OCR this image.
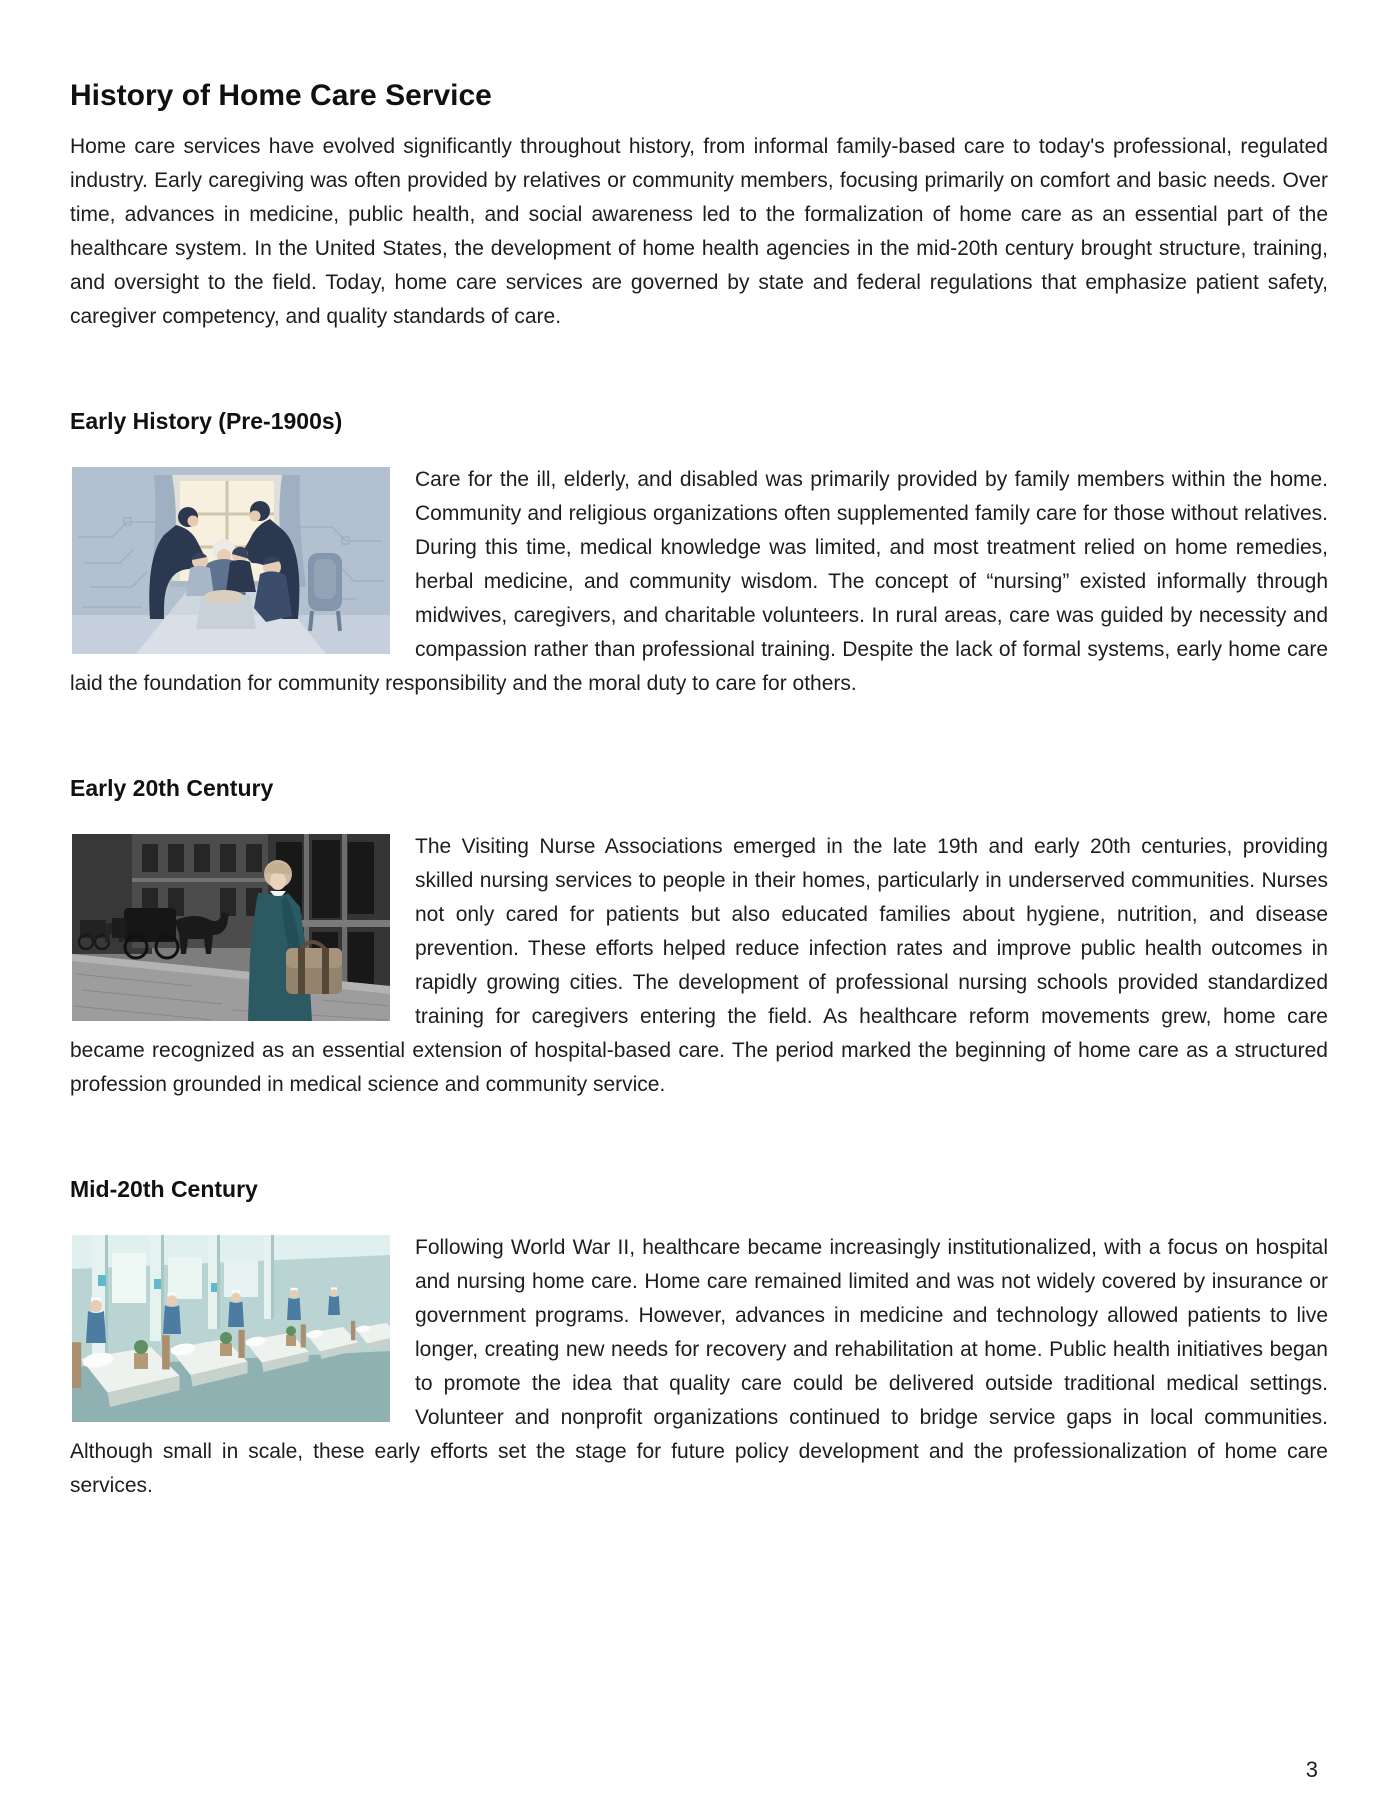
History of Home Care Service

Home care services have evolved significantly throughout history, from informal family-based care to today's professional, regulated industry. Early caregiving was often provided by relatives or community members, focusing primarily on comfort and basic needs. Over time, advances in medicine, public health, and social awareness led to the formalization of home care as an essential part of the healthcare system. In the United States, the development of home health agencies in the mid-20th century brought structure, training, and oversight to the field. Today, home care services are governed by state and federal regulations that emphasize patient safety, caregiver competency, and quality standards of care.

Early History (Pre-1900s)

Care for the ill, elderly, and disabled was primarily provided by family members within the home. Community and religious organizations often supplemented family care for those without relatives. During this time, medical knowledge was limited, and most treatment relied on home remedies, herbal medicine, and community wisdom. The concept of “nursing” existed informally through midwives, caregivers, and charitable volunteers. In rural areas, care was guided by necessity and compassion rather than professional training. Despite the lack of formal systems, early home care laid the foundation for community responsibility and the moral duty to care for others.

Early 20th Century

The Visiting Nurse Associations emerged in the late 19th and early 20th centuries, providing skilled nursing services to people in their homes, particularly in underserved communities. Nurses not only cared for patients but also educated families about hygiene, nutrition, and disease prevention. These efforts helped reduce infection rates and improve public health outcomes in rapidly growing cities. The development of professional nursing schools provided standardized training for caregivers entering the field. As healthcare reform movements grew, home care became recognized as an essential extension of hospital-based care. The period marked the beginning of home care as a structured profession grounded in medical science and community service.

Mid-20th Century

Following World War II, healthcare became increasingly institutionalized, with a focus on hospital and nursing home care. Home care remained limited and was not widely covered by insurance or government programs. However, advances in medicine and technology allowed patients to live longer, creating new needs for recovery and rehabilitation at home. Public health initiatives began to promote the idea that quality care could be delivered outside traditional medical settings. Volunteer and nonprofit organizations continued to bridge service gaps in local communities. Although small in scale, these early efforts set the stage for future policy development and the professionalization of home care services.

3
